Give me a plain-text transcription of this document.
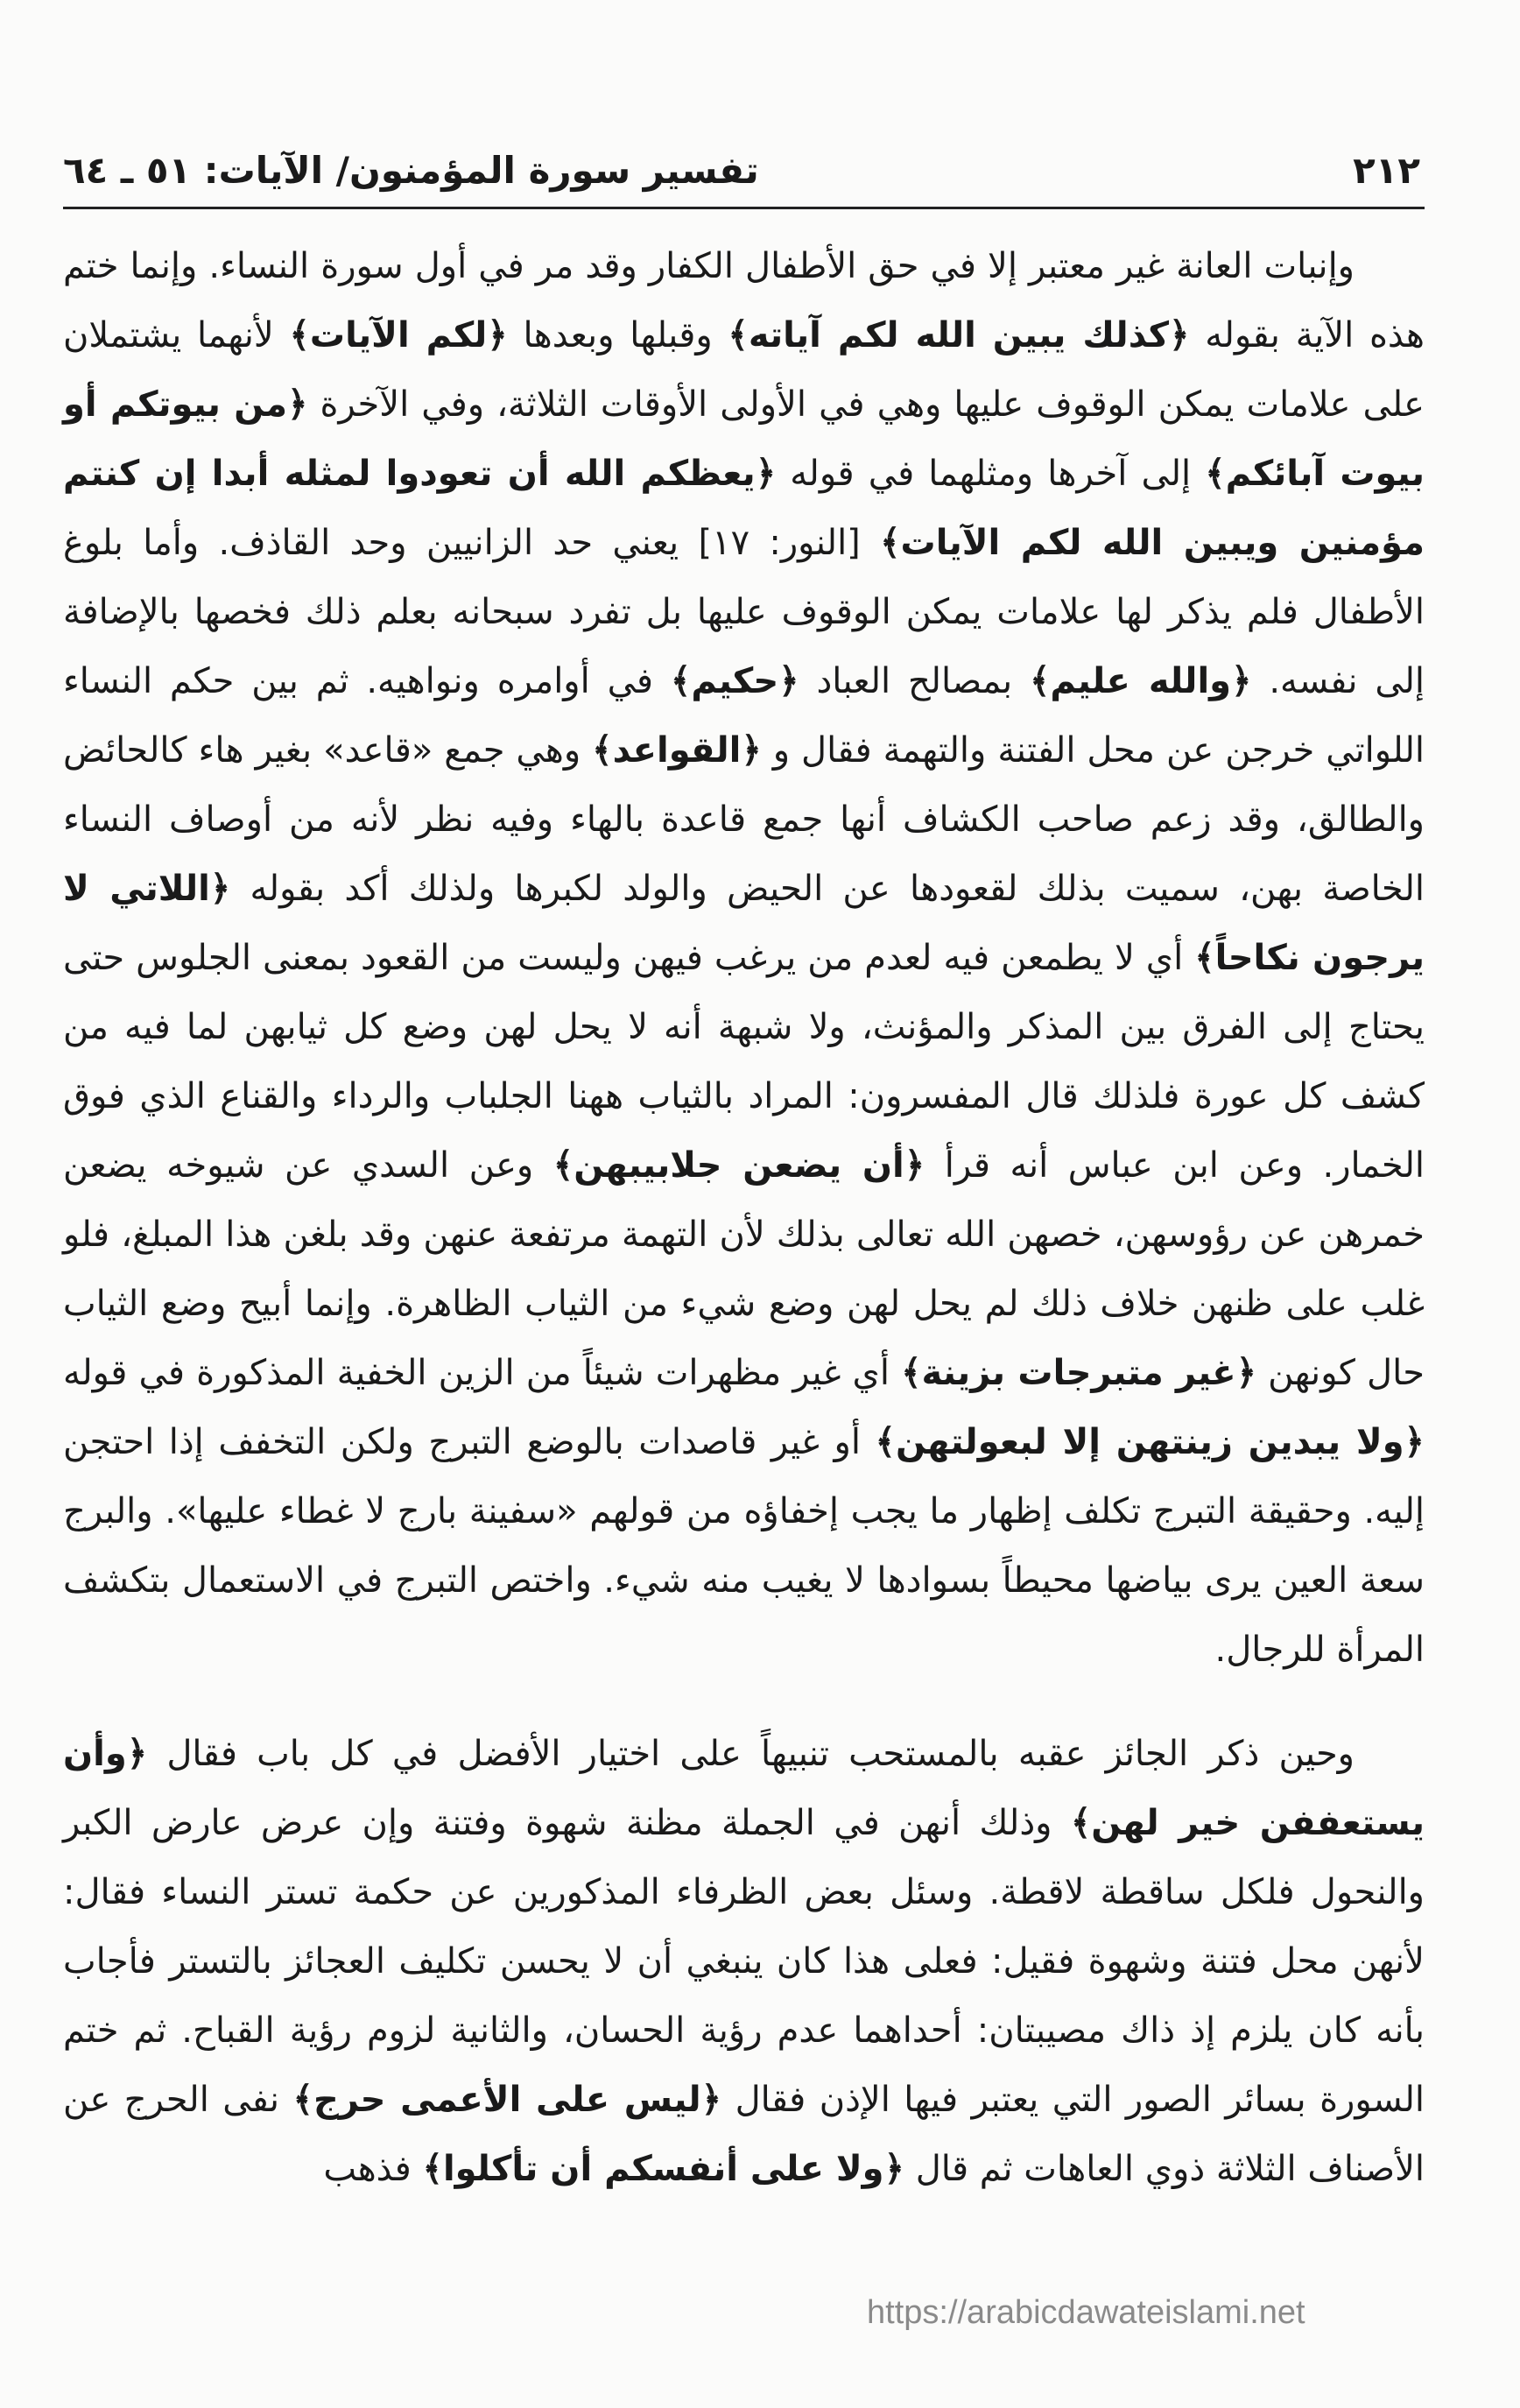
٢١٢
تفسير سورة المؤمنون/ الآيات: ٥١ ـ ٦٤

وإنبات العانة غير معتبر إلا في حق الأطفال الكفار وقد مر في أول سورة النساء. وإنما ختم هذه الآية بقوله ﴿كذلك يبين الله لكم آياته﴾ وقبلها وبعدها ﴿لكم الآيات﴾ لأنهما يشتملان على علامات يمكن الوقوف عليها وهي في الأولى الأوقات الثلاثة، وفي الآخرة ﴿من بيوتكم أو بيوت آبائكم﴾ إلى آخرها ومثلهما في قوله ﴿يعظكم الله أن تعودوا لمثله أبدا إن كنتم مؤمنين ويبين الله لكم الآيات﴾ [النور: ١٧] يعني حد الزانيين وحد القاذف. وأما بلوغ الأطفال فلم يذكر لها علامات يمكن الوقوف عليها بل تفرد سبحانه بعلم ذلك فخصها بالإضافة إلى نفسه. ﴿والله عليم﴾ بمصالح العباد ﴿حكيم﴾ في أوامره ونواهيه. ثم بين حكم النساء اللواتي خرجن عن محل الفتنة والتهمة فقال و ﴿القواعد﴾ وهي جمع «قاعد» بغير هاء كالحائض والطالق، وقد زعم صاحب الكشاف أنها جمع قاعدة بالهاء وفيه نظر لأنه من أوصاف النساء الخاصة بهن، سميت بذلك لقعودها عن الحيض والولد لكبرها ولذلك أكد بقوله ﴿اللاتي لا يرجون نكاحاً﴾ أي لا يطمعن فيه لعدم من يرغب فيهن وليست من القعود بمعنى الجلوس حتى يحتاج إلى الفرق بين المذكر والمؤنث، ولا شبهة أنه لا يحل لهن وضع كل ثيابهن لما فيه من كشف كل عورة فلذلك قال المفسرون: المراد بالثياب ههنا الجلباب والرداء والقناع الذي فوق الخمار. وعن ابن عباس أنه قرأ ﴿أن يضعن جلابيبهن﴾ وعن السدي عن شيوخه يضعن خمرهن عن رؤوسهن، خصهن الله تعالى بذلك لأن التهمة مرتفعة عنهن وقد بلغن هذا المبلغ، فلو غلب على ظنهن خلاف ذلك لم يحل لهن وضع شيء من الثياب الظاهرة. وإنما أبيح وضع الثياب حال كونهن ﴿غير متبرجات بزينة﴾ أي غير مظهرات شيئاً من الزين الخفية المذكورة في قوله ﴿ولا يبدين زينتهن إلا لبعولتهن﴾ أو غير قاصدات بالوضع التبرج ولكن التخفف إذا احتجن إليه. وحقيقة التبرج تكلف إظهار ما يجب إخفاؤه من قولهم «سفينة بارج لا غطاء عليها». والبرج سعة العين يرى بياضها محيطاً بسوادها لا يغيب منه شيء. واختص التبرج في الاستعمال بتكشف المرأة للرجال.

وحين ذكر الجائز عقبه بالمستحب تنبيهاً على اختيار الأفضل في كل باب فقال ﴿وأن يستعففن خير لهن﴾ وذلك أنهن في الجملة مظنة شهوة وفتنة وإن عرض عارض الكبر والنحول فلكل ساقطة لاقطة. وسئل بعض الظرفاء المذكورين عن حكمة تستر النساء فقال: لأنهن محل فتنة وشهوة فقيل: فعلى هذا كان ينبغي أن لا يحسن تكليف العجائز بالتستر فأجاب بأنه كان يلزم إذ ذاك مصيبتان: أحداهما عدم رؤية الحسان، والثانية لزوم رؤية القباح. ثم ختم السورة بسائر الصور التي يعتبر فيها الإذن فقال ﴿ليس على الأعمى حرج﴾ نفى الحرج عن الأصناف الثلاثة ذوي العاهات ثم قال ﴿ولا على أنفسكم أن تأكلوا﴾ فذهب

https://arabicdawateislami.net
